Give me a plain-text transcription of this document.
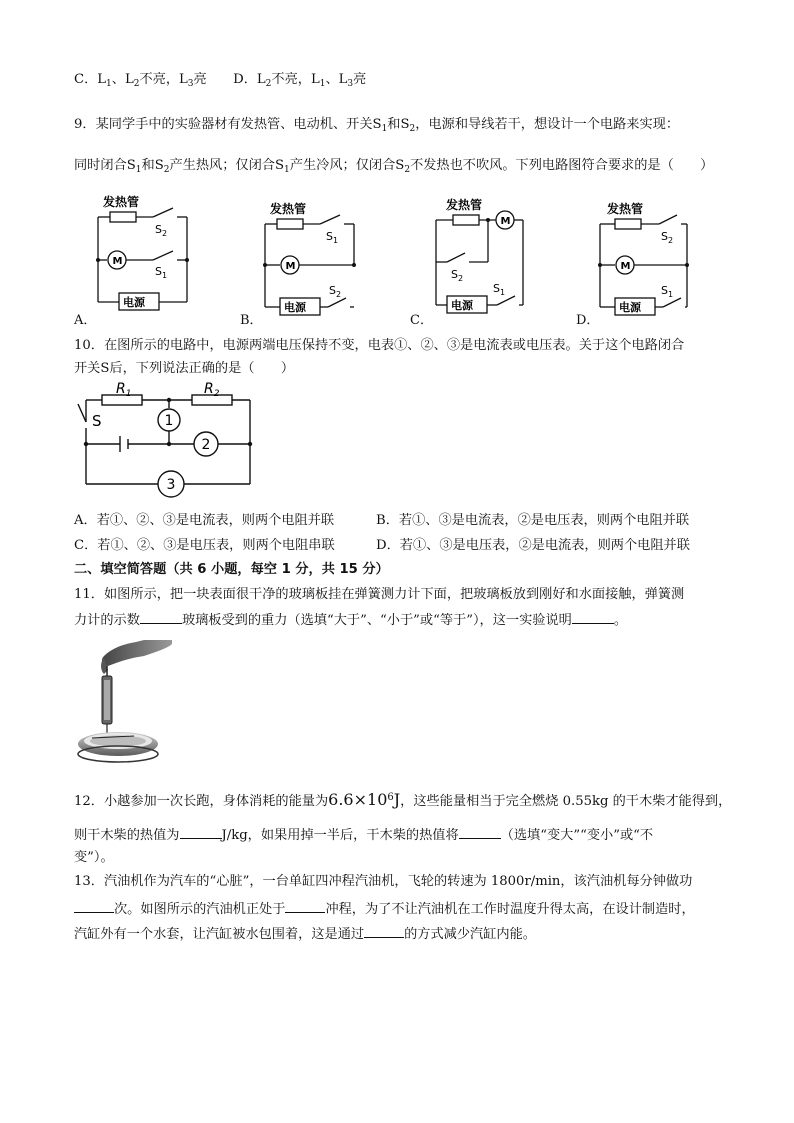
C．$L_1$、$L_2$不亮，$L_3$亮 D．$L_2$不亮，$L_1$、$L_3$亮
9．某同学手中的实验器材有发热管、电动机、开关$S_1$和$S_2$，电源和导线若干，想设计一个电路来实现：
同时闭合$S_1$和$S_2$产生热风；仅闭合$S_1$产生冷风；仅闭合$S_2$不发热也不吹风。下列电路图符合要求的是（　　）
发热管
M
电源
$S_2$
$S_1$
A．
发热管
M
电源
$S_1$
$S_2$
B．
发热管
M
电源
$S_2$
$S_1$
C．
发热管
M
电源
$S_2$
$S_1$
D．
10．在图所示的电路中，电源两端电压保持不变，电表①、②、③是电流表或电压表。关于这个电路闭合
开关S后，下列说法正确的是（　　）
S
$R_1$	$R_2$
1
2
3
A．若①、②、③是电流表，则两个电阻并联	B．若①、③是电流表，②是电压表，则两个电阻并联
C．若①、②、③是电压表，则两个电阻串联	D．若①、③是电压表，②是电流表，则两个电阻并联
二、填空简答题（共 6 小题，每空 1 分，共 15 分）
11．如图所示，把一块表面很干净的玻璃板挂在弹簧测力计下面，把玻璃板放到刚好和水面接触，弹簧测
力计的示数	玻璃板受到的重力（选填“大于”、“小于”或“等于”），这一实验说明	。
12．小越参加一次长跑，身体消耗的能量为$6.6\times 10^6J$，这些能量相当于完全燃烧 0.55kg 的干木柴才能得到，
则干木柴的热值为	J/kg，如果用掉一半后，干木柴的热值将	（选填“变大”“变小”或“不
变”）。
13．汽油机作为汽车的“心脏”，一台单缸四冲程汽油机，飞轮的转速为 1800r/min，该汽油机每分钟做功
次。如图所示的汽油机正处于	冲程，为了不让汽油机在工作时温度升得太高，在设计制造时，
汽缸外有一个水套，让汽缸被水包围着，这是通过	的方式减少汽缸内能。
